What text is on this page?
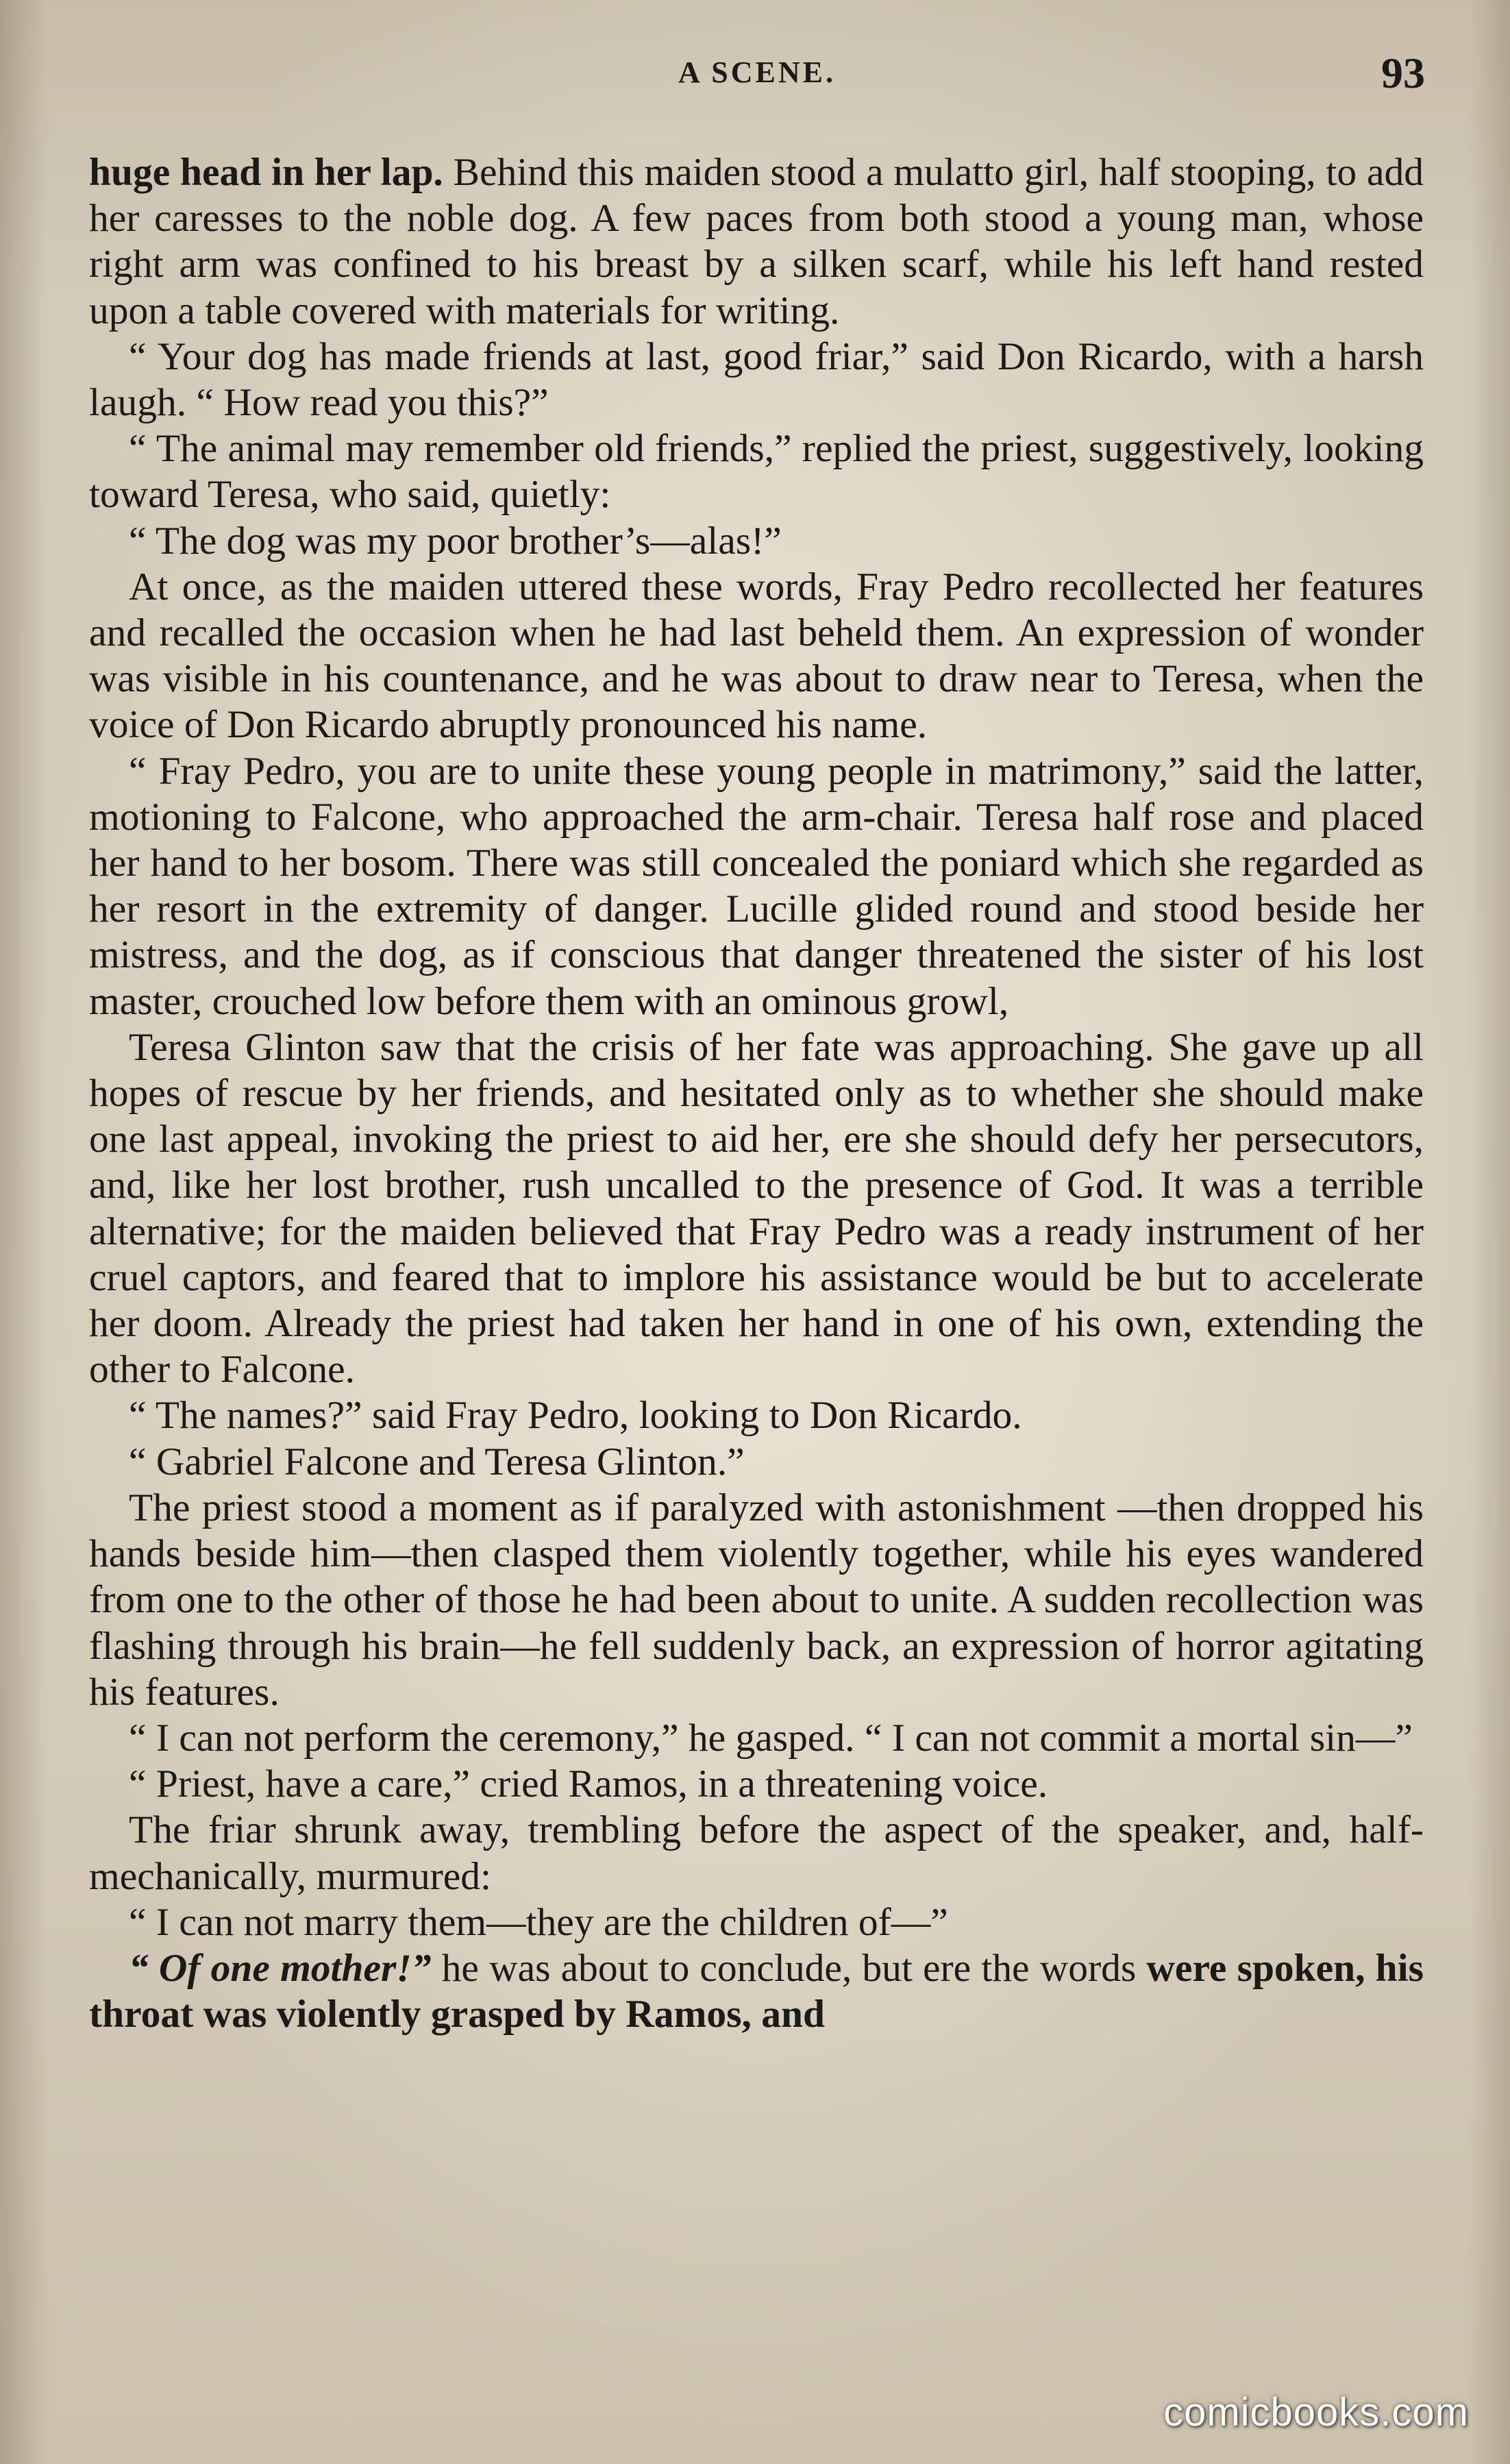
A SCENE.	93

huge head in her lap. Behind this maiden stood a mulatto girl, half stooping, to add her caresses to the noble dog. A few paces from both stood a young man, whose right arm was confined to his breast by a silken scarf, while his left hand rested upon a table covered with materials for writing.

“ Your dog has made friends at last, good friar,” said Don Ricardo, with a harsh laugh. “ How read you this?”

“ The animal may remember old friends,” replied the priest, suggestively, looking toward Teresa, who said, quietly:

“ The dog was my poor brother’s—alas!”

At once, as the maiden uttered these words, Fray Pedro recollected her features and recalled the occasion when he had last beheld them. An expression of wonder was visible in his countenance, and he was about to draw near to Teresa, when the voice of Don Ricardo abruptly pronounced his name.

“ Fray Pedro, you are to unite these young people in matrimony,” said the latter, motioning to Falcone, who approached the arm-chair. Teresa half rose and placed her hand to her bosom. There was still concealed the poniard which she regarded as her resort in the extremity of danger. Lucille glided round and stood beside her mistress, and the dog, as if conscious that danger threatened the sister of his lost master, crouched low before them with an ominous growl,

Teresa Glinton saw that the crisis of her fate was approaching. She gave up all hopes of rescue by her friends, and hesitated only as to whether she should make one last appeal, invoking the priest to aid her, ere she should defy her persecutors, and, like her lost brother, rush uncalled to the presence of God. It was a terrible alternative; for the maiden believed that Fray Pedro was a ready instrument of her cruel captors, and feared that to implore his assistance would be but to accelerate her doom. Already the priest had taken her hand in one of his own, extending the other to Falcone.

“ The names?” said Fray Pedro, looking to Don Ricardo.

“ Gabriel Falcone and Teresa Glinton.”

The priest stood a moment as if paralyzed with astonishment —then dropped his hands beside him—then clasped them violently together, while his eyes wandered from one to the other of those he had been about to unite. A sudden recollection was flashing through his brain—he fell suddenly back, an expression of horror agitating his features.

“ I can not perform the ceremony,” he gasped. “ I can not commit a mortal sin—”

“ Priest, have a care,” cried Ramos, in a threatening voice.

The friar shrunk away, trembling before the aspect of the speaker, and, half-mechanically, murmured:

“ I can not marry them—they are the children of—”

“ Of one mother!” he was about to conclude, but ere the words were spoken, his throat was violently grasped by Ramos, and

comicbooks.com
